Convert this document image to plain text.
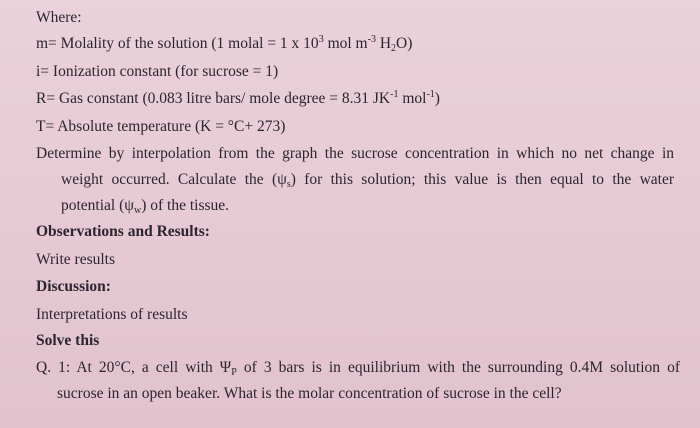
Where:
m= Molality of the solution (1 molal = 1 x $10^3$ mol $m^{-3}$ $H_2O$)
i= Ionization constant (for sucrose = 1)
R= Gas constant (0.083 litre bars/ mole degree = 8.31 $JK^{-1}$ mol$^{-1}$)
T= Absolute temperature (K = °C+ 273)
Determine by interpolation from the graph the sucrose concentration in which no net change in
weight occurred. Calculate the $(\psi_s)$ for this solution; this value is then equal to the water
potential $(\psi_w)$ of the tissue.
Observations and Results:
Write results
Discussion:
Interpretations of results
Solve this
Q. 1: At 20°C, a cell with $\Psi_P$ of 3 bars is in equilibrium with the surrounding 0.4M solution of
sucrose in an open beaker. What is the molar concentration of sucrose in the cell?
